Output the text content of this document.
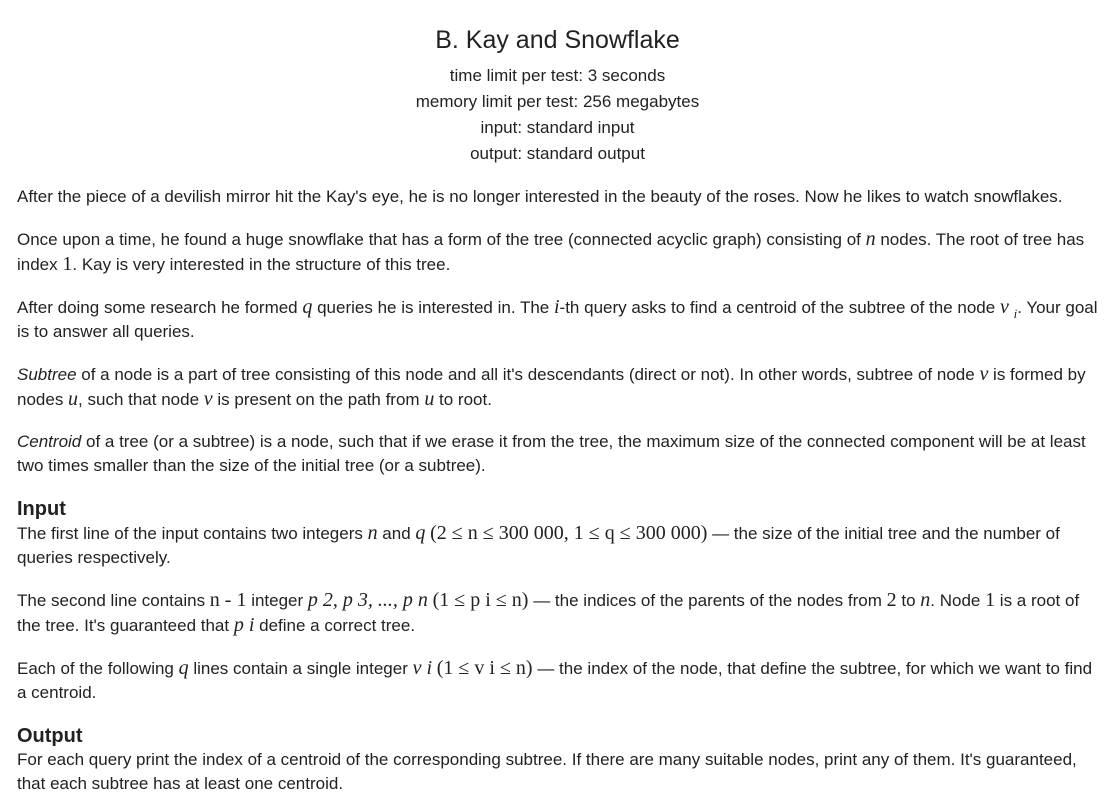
B. Kay and Snowflake
time limit per test: 3 seconds
memory limit per test: 256 megabytes
input: standard input
output: standard output

After the piece of a devilish mirror hit the Kay's eye, he is no longer interested in the beauty of the roses. Now he likes to watch snowflakes.

Once upon a time, he found a huge snowflake that has a form of the tree (connected acyclic graph) consisting of n nodes. The root of tree has index 1. Kay is very interested in the structure of this tree.

After doing some research he formed q queries he is interested in. The i-th query asks to find a centroid of the subtree of the node v $_i$. Your goal is to answer all queries.

Subtree of a node is a part of tree consisting of this node and all it's descendants (direct or not). In other words, subtree of node v is formed by nodes u, such that node v is present on the path from u to root.

Centroid of a tree (or a subtree) is a node, such that if we erase it from the tree, the maximum size of the connected component will be at least two times smaller than the size of the initial tree (or a subtree).

Input

The first line of the input contains two integers n and q (2 ≤ n ≤ 300 000, 1 ≤ q ≤ 300 000) — the size of the initial tree and the number of queries respectively.

The second line contains n - 1 integer p 2, p 3, ..., p n (1 ≤ p i ≤ n) — the indices of the parents of the nodes from 2 to n. Node 1 is a root of the tree. It's guaranteed that p i define a correct tree.

Each of the following q lines contain a single integer v i (1 ≤ v i ≤ n) — the index of the node, that define the subtree, for which we want to find a centroid.

Output

For each query print the index of a centroid of the corresponding subtree. If there are many suitable nodes, print any of them. It's guaranteed, that each subtree has at least one centroid.
